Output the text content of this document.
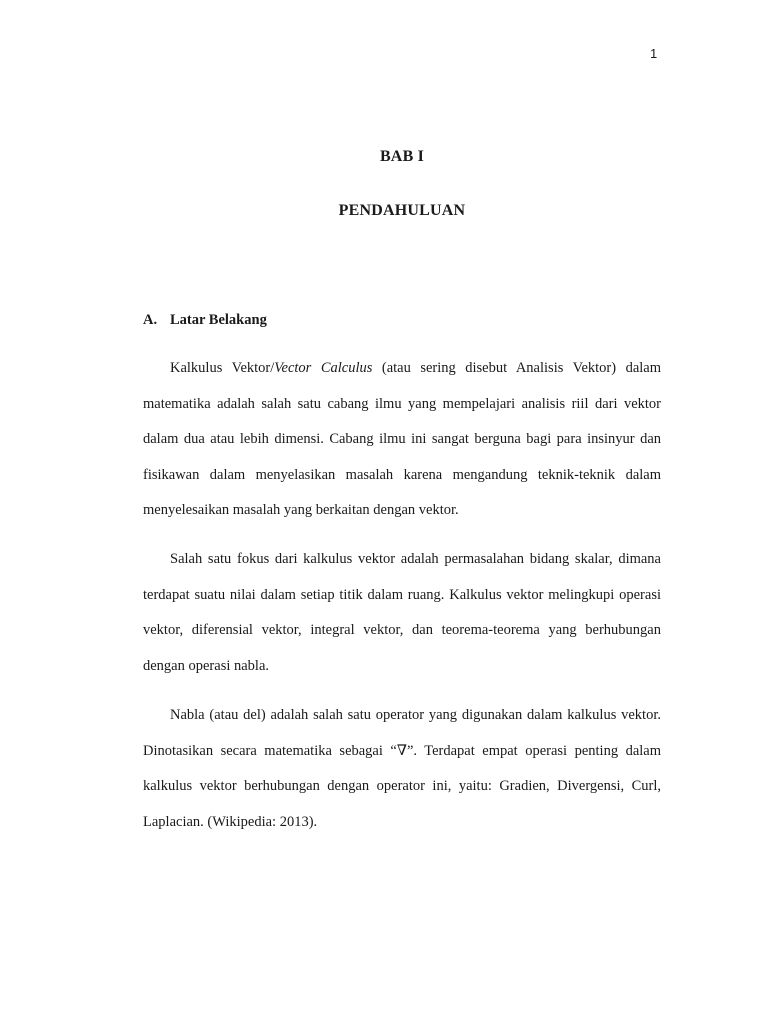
1
BAB I
PENDAHULUAN
A. Latar Belakang

Kalkulus Vektor/Vector Calculus (atau sering disebut Analisis Vektor) dalam matematika adalah salah satu cabang ilmu yang mempelajari analisis riil dari vektor dalam dua atau lebih dimensi. Cabang ilmu ini sangat berguna bagi para insinyur dan fisikawan dalam menyelasikan masalah karena mengandung teknik-teknik dalam menyelesaikan masalah yang berkaitan dengan vektor.

Salah satu fokus dari kalkulus vektor adalah permasalahan bidang skalar, dimana terdapat suatu nilai dalam setiap titik dalam ruang. Kalkulus vektor melingkupi operasi vektor, diferensial vektor, integral vektor, dan teorema-teorema yang berhubungan dengan operasi nabla.

Nabla (atau del) adalah salah satu operator yang digunakan dalam kalkulus vektor. Dinotasikan secara matematika sebagai “∇”. Terdapat empat operasi penting dalam kalkulus vektor berhubungan dengan operator ini, yaitu: Gradien, Divergensi, Curl, Laplacian. (Wikipedia: 2013).
